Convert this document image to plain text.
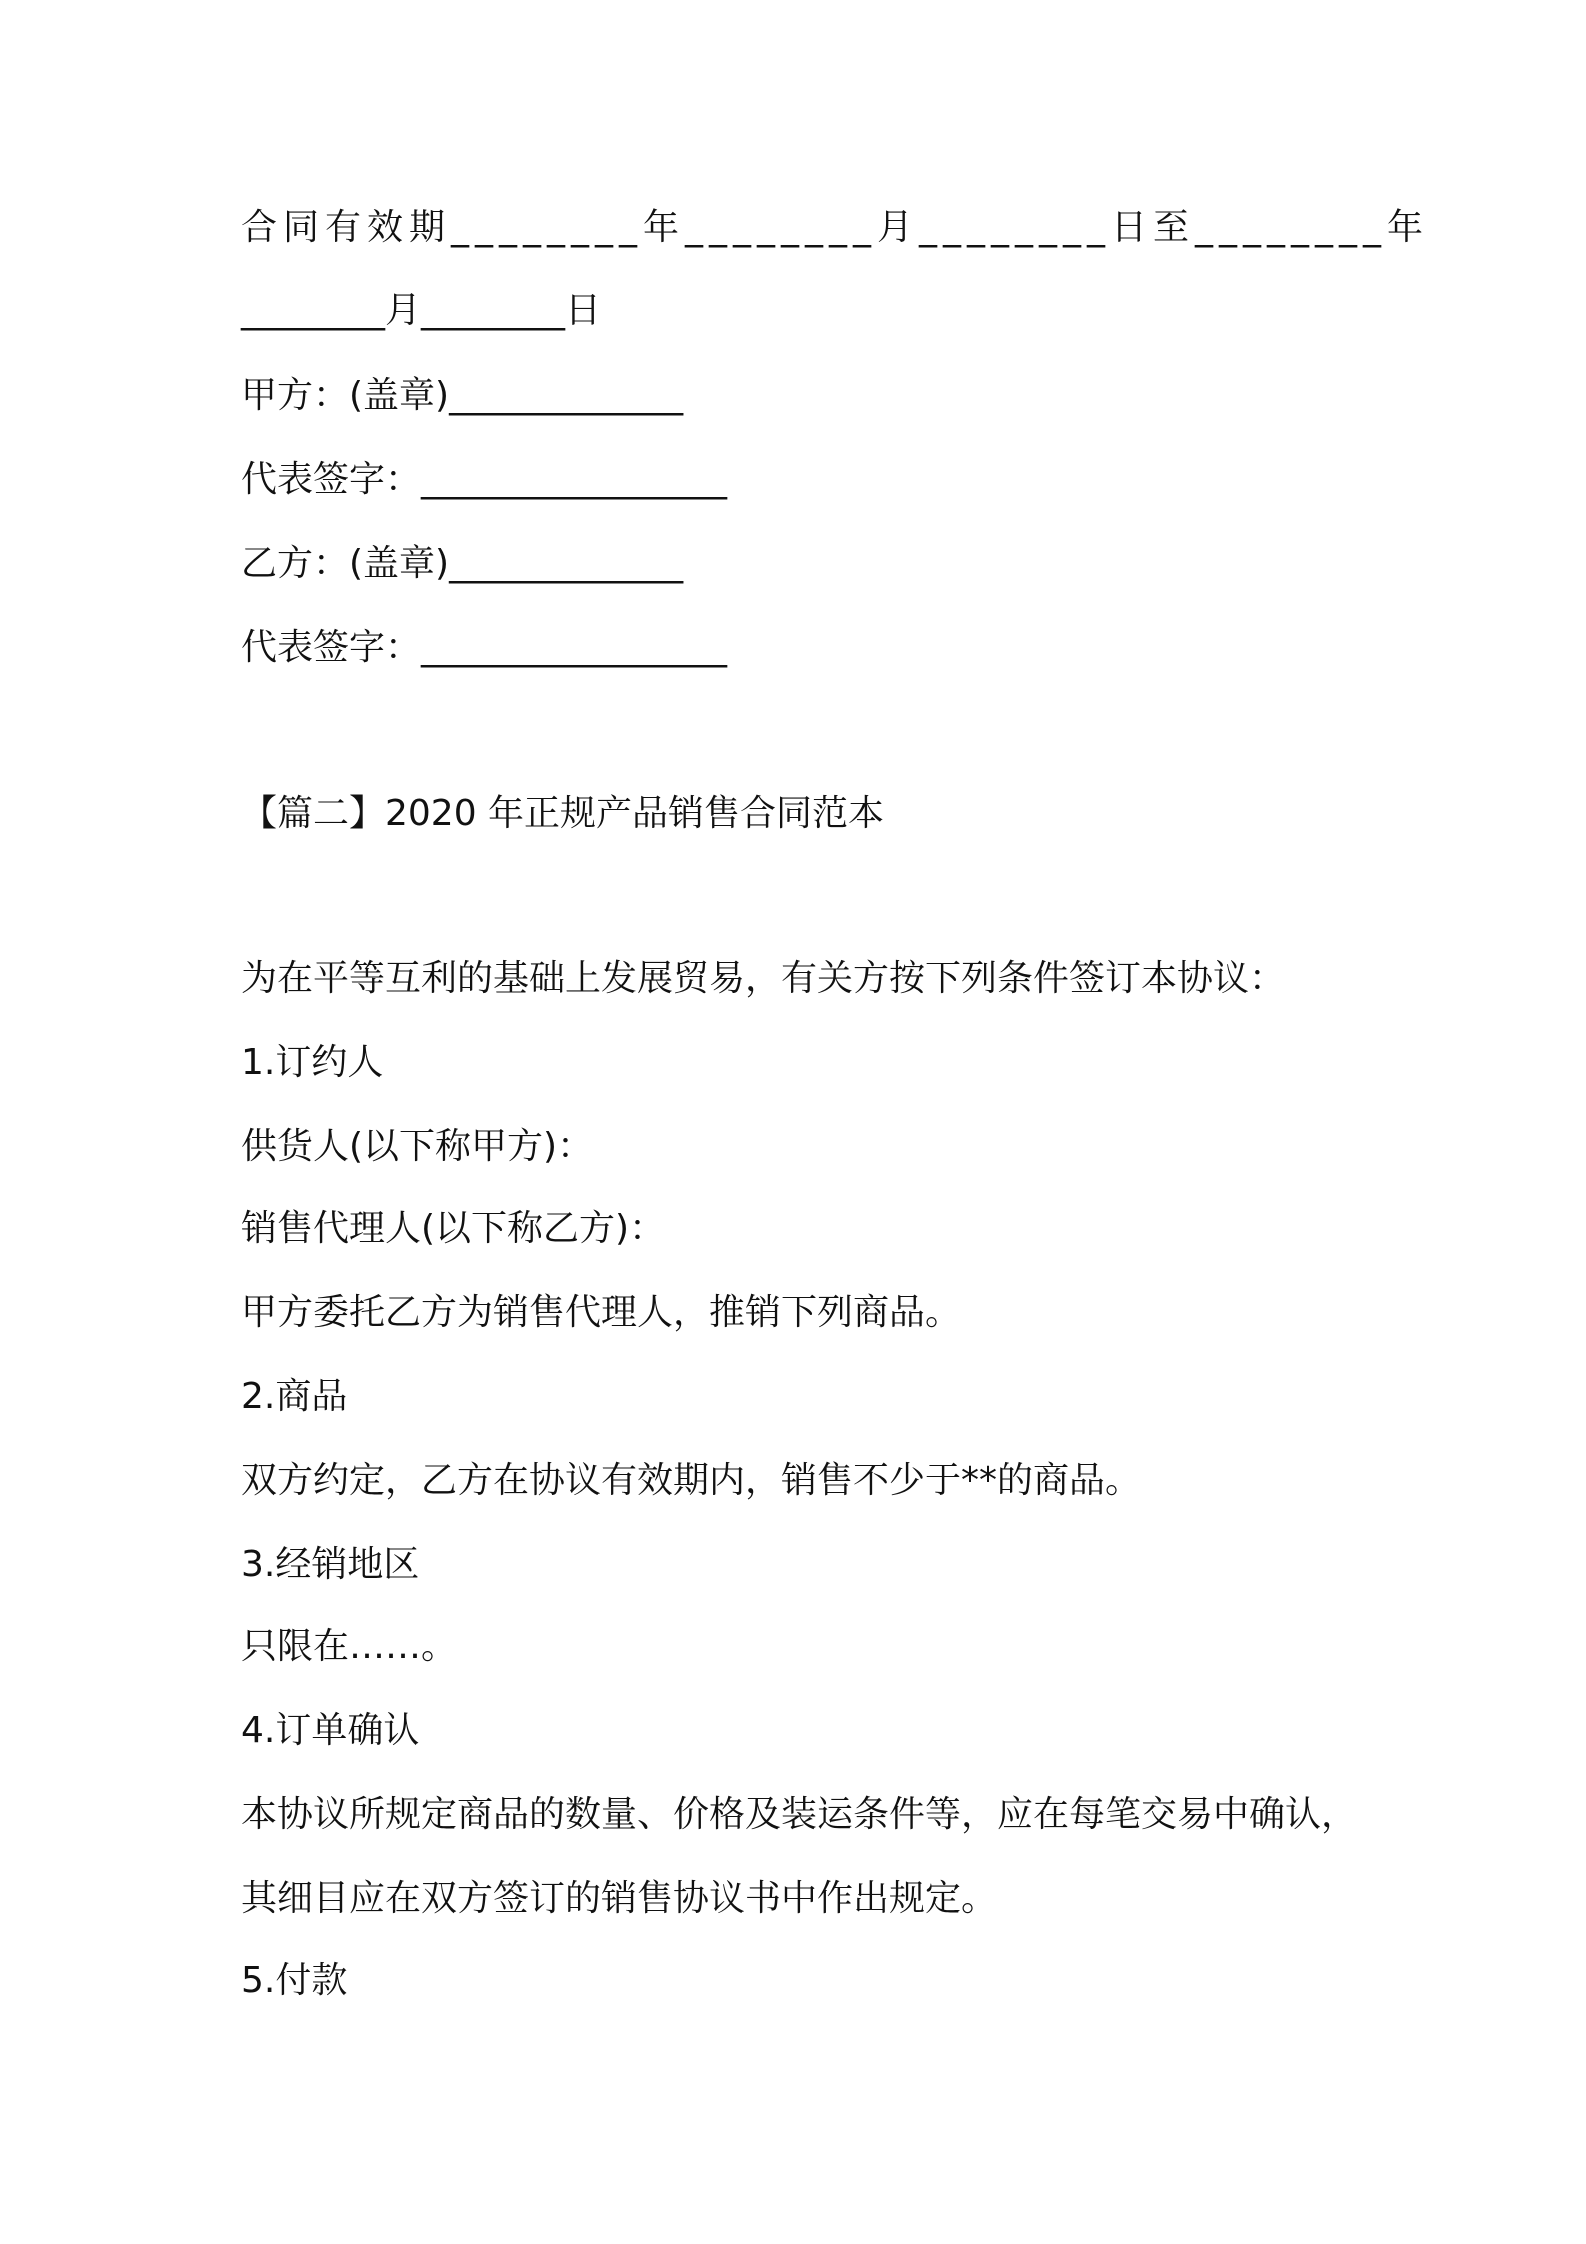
合同有效期________年________月________日至________年

________月________日

甲方：(盖章)_____________

代表签字：_________________

乙方：(盖章)_____________

代表签字：_________________

【篇二】2020 年正规产品销售合同范本

为在平等互利的基础上发展贸易，有关方按下列条件签订本协议：

1.订约人

供货人(以下称甲方)：

销售代理人(以下称乙方)：

甲方委托乙方为销售代理人，推销下列商品。

2.商品

双方约定，乙方在协议有效期内，销售不少于**的商品。

3.经销地区

只限在……。

4.订单确认

本协议所规定商品的数量、价格及装运条件等，应在每笔交易中确认，

其细目应在双方签订的销售协议书中作出规定。

5.付款
